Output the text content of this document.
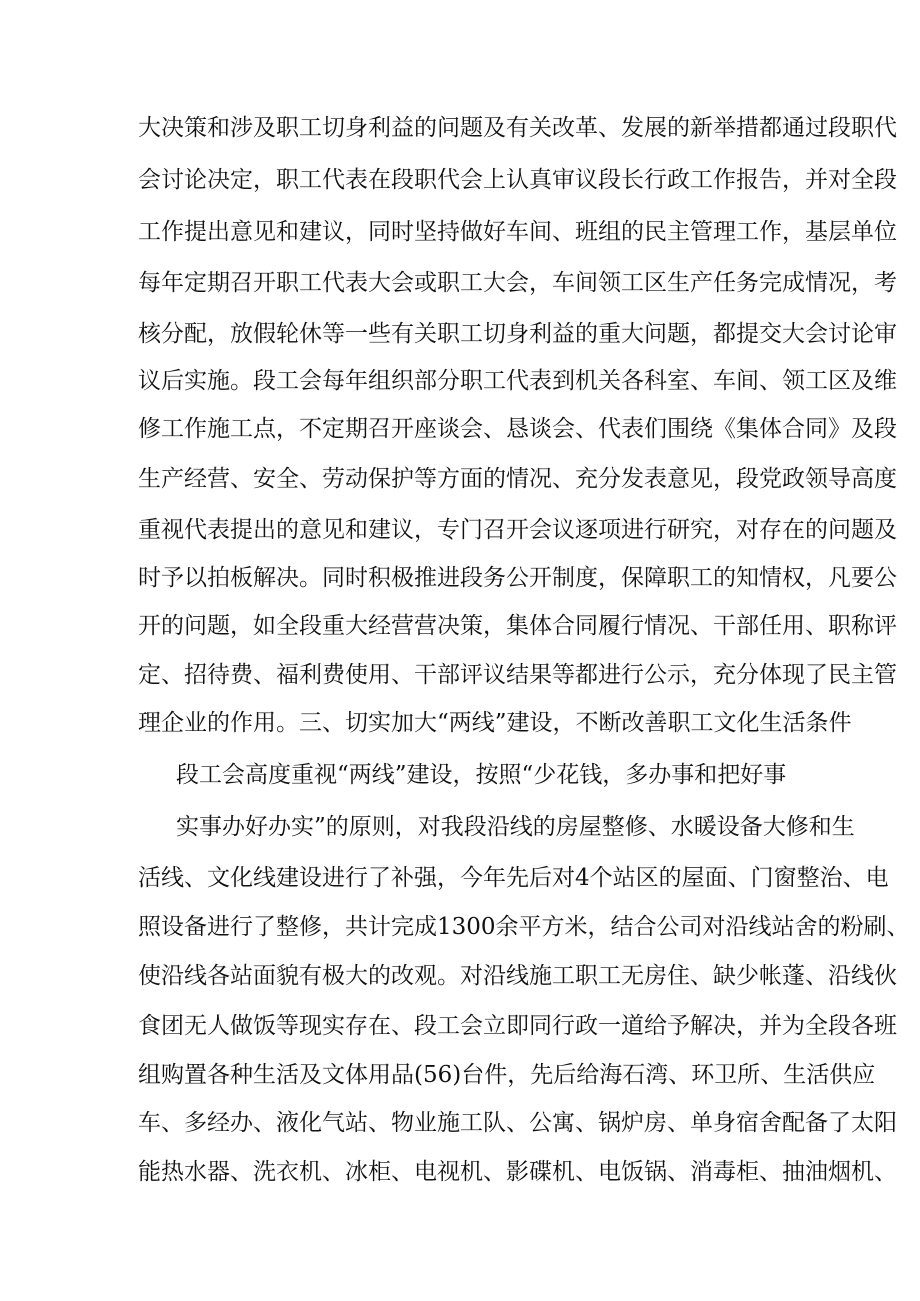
大决策和涉及职工切身利益的问题及有关改革、发展的新举措都通过段职代
会讨论决定，职工代表在段职代会上认真审议段长行政工作报告，并对全段
工作提出意见和建议，同时坚持做好车间、班组的民主管理工作，基层单位
每年定期召开职工代表大会或职工大会，车间领工区生产任务完成情况，考
核分配，放假轮休等一些有关职工切身利益的重大问题，都提交大会讨论审
议后实施。段工会每年组织部分职工代表到机关各科室、车间、领工区及维
修工作施工点，不定期召开座谈会、恳谈会、代表们围绕《集体合同》及段
生产经营、安全、劳动保护等方面的情况、充分发表意见，段党政领导高度
重视代表提出的意见和建议，专门召开会议逐项进行研究，对存在的问题及
时予以拍板解决。同时积极推进段务公开制度，保障职工的知情权，凡要公
开的问题，如全段重大经营营决策，集体合同履行情况、干部任用、职称评
定、招待费、福利费使用、干部评议结果等都进行公示，充分体现了民主管
理企业的作用。三、切实加大“两线”建设，不断改善职工文化生活条件
段工会高度重视“两线”建设，按照“少花钱，多办事和把好事
实事办好办实”的原则，对我段沿线的房屋整修、水暖设备大修和生
活线、文化线建设进行了补强，今年先后对4个站区的屋面、门窗整治、电
照设备进行了整修，共计完成1300余平方米，结合公司对沿线站舍的粉刷、
使沿线各站面貌有极大的改观。对沿线施工职工无房住、缺少帐蓬、沿线伙
食团无人做饭等现实存在、段工会立即同行政一道给予解决，并为全段各班
组购置各种生活及文体用品(56)台件，先后给海石湾、环卫所、生活供应
车、多经办、液化气站、物业施工队、公寓、锅炉房、单身宿舍配备了太阳
能热水器、洗衣机、冰柜、电视机、影碟机、电饭锅、消毒柜、抽油烟机、
